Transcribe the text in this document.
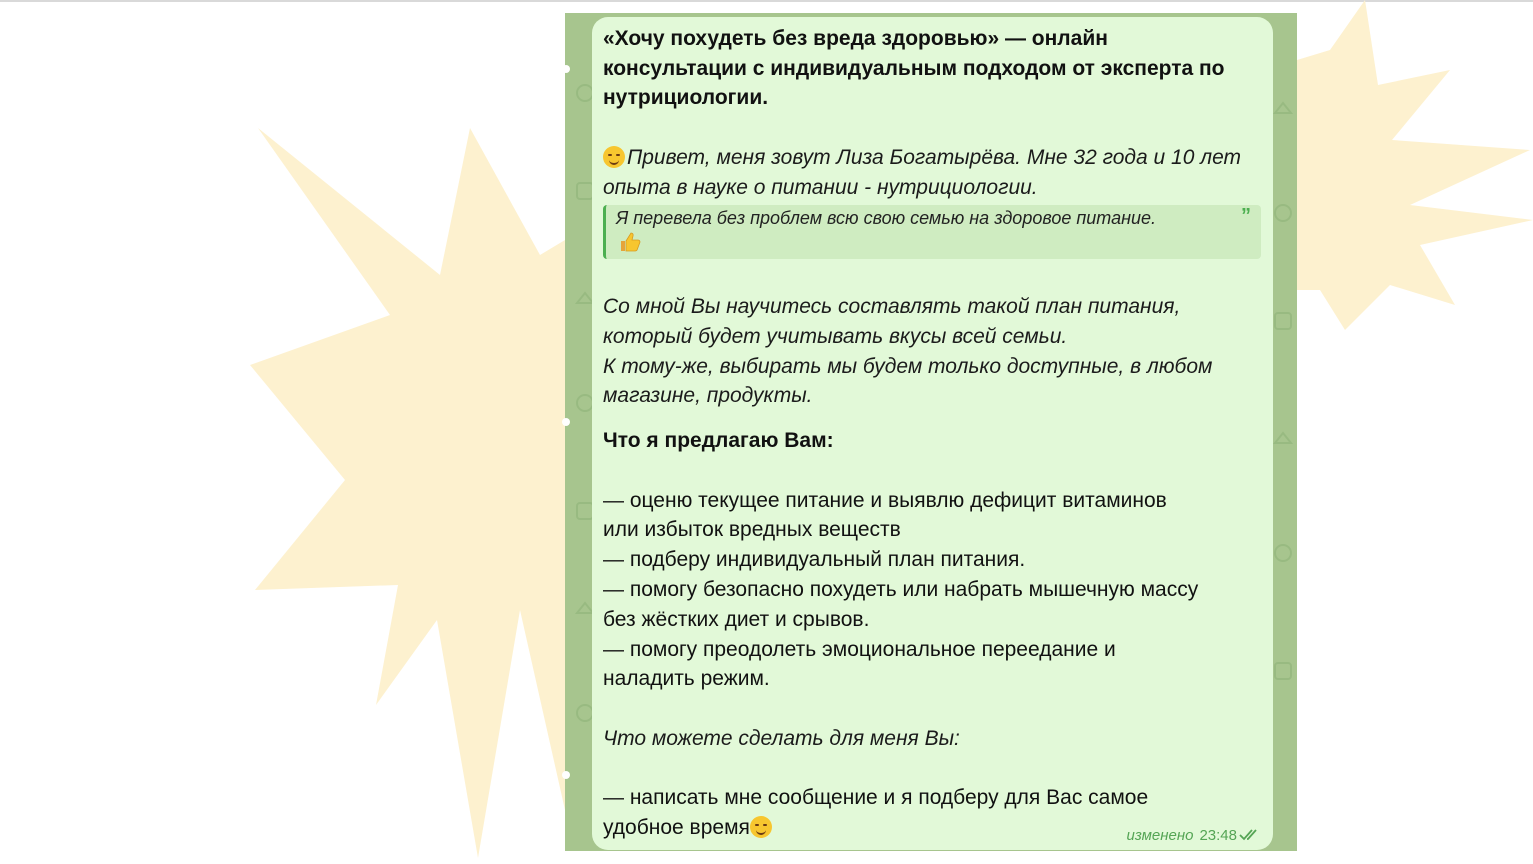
«Хочу похудеть без вреда здоровью» — онлайн
консультации с индивидуальным подходом от эксперта по
нутрициологии.
Привет, меня зовут Лиза Богатырёва. Мне 32 года и 10 лет
опыта в науке о питании - нутрициологии.
Я перевела без проблем всю свою семью на здоровое питание.	”
Со мной Вы научитесь составлять такой план питания,
который будет учитывать вкусы всей семьи.
К тому-же, выбирать мы будем только доступные, в любом
магазине, продукты.
Что я предлагаю Вам:
— оценю текущее питание и выявлю дефицит витаминов
или избыток вредных веществ
— подберу индивидуальный план питания.
— помогу безопасно похудеть или набрать мышечную массу
без жёстких диет и срывов.
— помогу преодолеть эмоциональное переедание и
наладить режим.
Что можете сделать для меня Вы:
— написать мне сообщение и я подберу для Вас самое
удобное время	изменено 23:48
